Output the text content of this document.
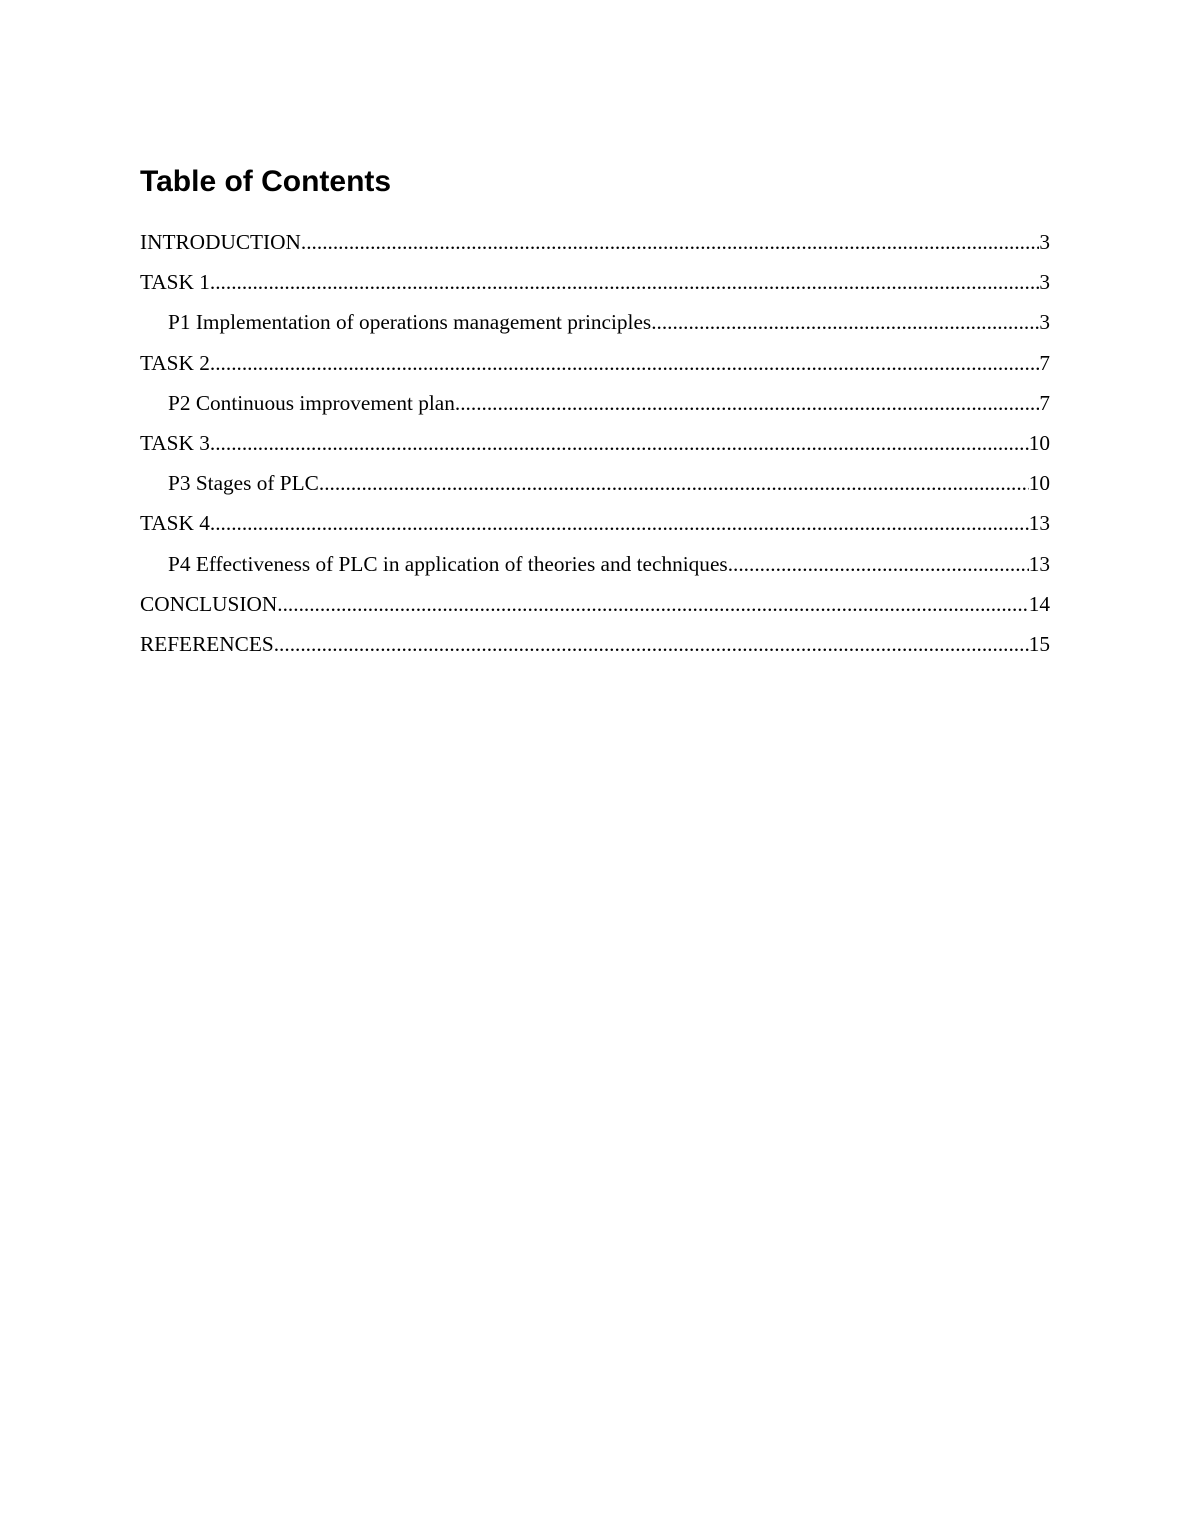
Table of Contents
INTRODUCTION .....	3
TASK 1 .....	3
P1 Implementation of operations management principles .....	3
TASK 2 .....	7
P2 Continuous improvement plan .....	7
TASK 3 .....	10
P3 Stages of PLC .....	10
TASK 4 .....	13
P4 Effectiveness of PLC in application of theories and techniques .....	13
CONCLUSION .....	14
REFERENCES .....	15
